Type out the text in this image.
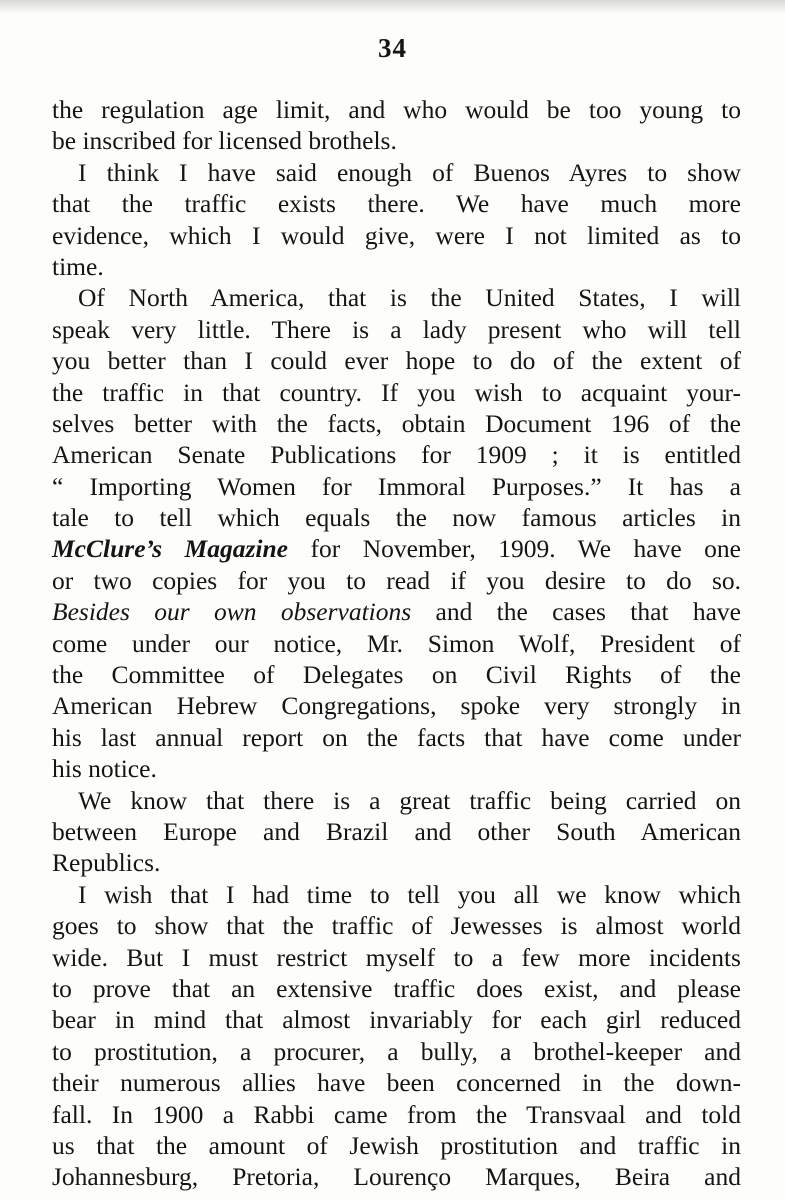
34
the regulation age limit, and who would be too young to
be inscribed for licensed brothels.
I think I have said enough of Buenos Ayres to show
that the traffic exists there. We have much more
evidence, which I would give, were I not limited as to
time.
Of North America, that is the United States, I will
speak very little. There is a lady present who will tell
you better than I could ever hope to do of the extent of
the traffic in that country. If you wish to acquaint your-
selves better with the facts, obtain Document 196 of the
American Senate Publications for 1909 ; it is entitled
“ Importing Women for Immoral Purposes.” It has a
tale to tell which equals the now famous articles in
McClure’s Magazine for November, 1909. We have one
or two copies for you to read if you desire to do so.
Besides our own observations and the cases that have
come under our notice, Mr. Simon Wolf, President of
the Committee of Delegates on Civil Rights of the
American Hebrew Congregations, spoke very strongly in
his last annual report on the facts that have come under
his notice.
We know that there is a great traffic being carried on
between Europe and Brazil and other South American
Republics.
I wish that I had time to tell you all we know which
goes to show that the traffic of Jewesses is almost world
wide. But I must restrict myself to a few more incidents
to prove that an extensive traffic does exist, and please
bear in mind that almost invariably for each girl reduced
to prostitution, a procurer, a bully, a brothel-keeper and
their numerous allies have been concerned in the down-
fall. In 1900 a Rabbi came from the Transvaal and told
us that the amount of Jewish prostitution and traffic in
Johannesburg, Pretoria, Lourenço Marques, Beira and
